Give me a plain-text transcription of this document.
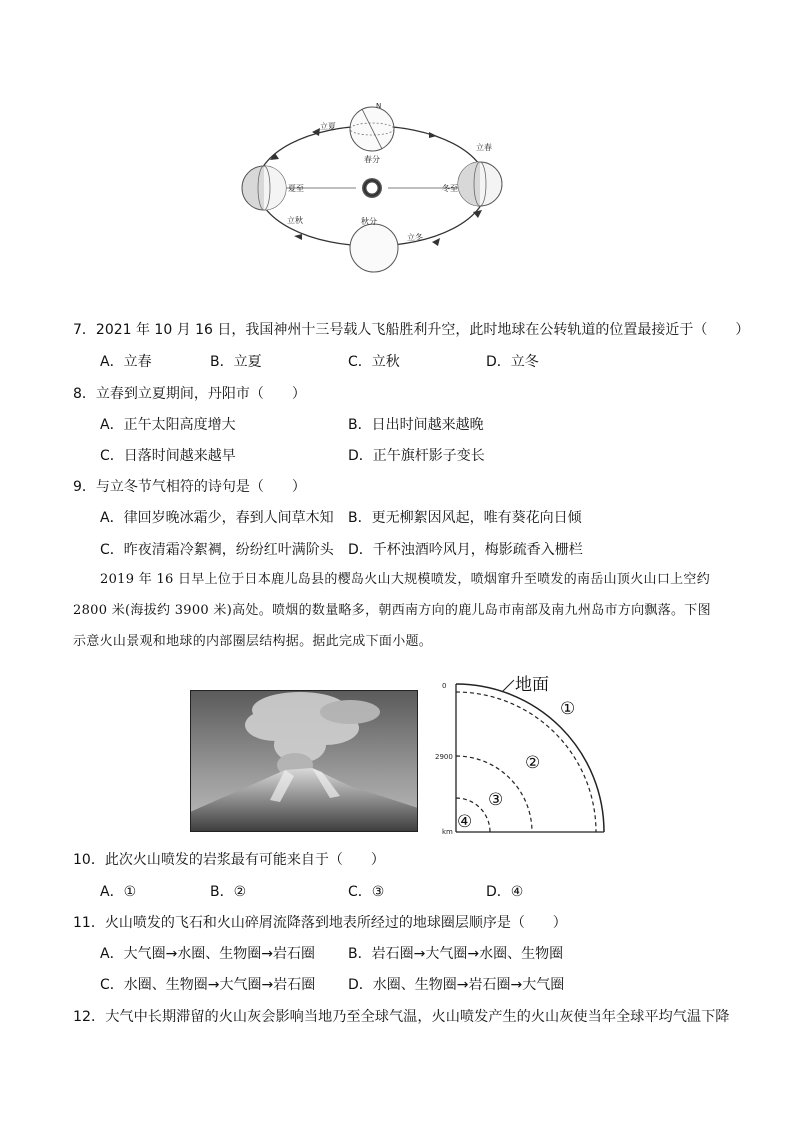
立夏
春分
立春
夏至	冬至
立秋	秋分
立冬
N
7．2021 年 10 月 16 日，我国神州十三号载人飞船胜利升空，此时地球在公转轨道的位置最接近于（　　）
A．立春	B．立夏	C．立秋	D．立冬
8．立春到立夏期间，丹阳市（　　）
A．正午太阳高度增大	B．日出时间越来越晚
C．日落时间越来越早	D．正午旗杆影子变长
9．与立冬节气相符的诗句是（　　）
A．律回岁晚冰霜少，春到人间草木知 B．更无柳絮因风起，唯有葵花向日倾
C．昨夜清霜冷絮裯，纷纷红叶满阶头 D．千杯浊酒吟风月，梅影疏香入栅栏
2019 年 16 日早上位于日本鹿儿岛县的樱岛火山大规模喷发，喷烟窜升至喷发的南岳山顶火山口上空约
2800 米(海拔约 3900 米)高处。喷烟的数量略多，朝西南方向的鹿儿岛市南部及南九州岛市方向飘落。下图
示意火山景观和地球的内部圈层结构据。据此完成下面小题。
地面
0
2900
km
①
②
③
④
10．此次火山喷发的岩浆最有可能来自于（　　）
A．①	B．②	C．③	D．④
11．火山喷发的飞石和火山碎屑流降落到地表所经过的地球圈层顺序是（　　）
A．大气圈→水圈、生物圈→岩石圈 B．岩石圈→大气圈→水圈、生物圈
C．水圈、生物圈→大气圈→岩石圈 D．水圈、生物圈→岩石圈→大气圈
12．大气中长期滞留的火山灰会影响当地乃至全球气温，火山喷发产生的火山灰使当年全球平均气温下降
